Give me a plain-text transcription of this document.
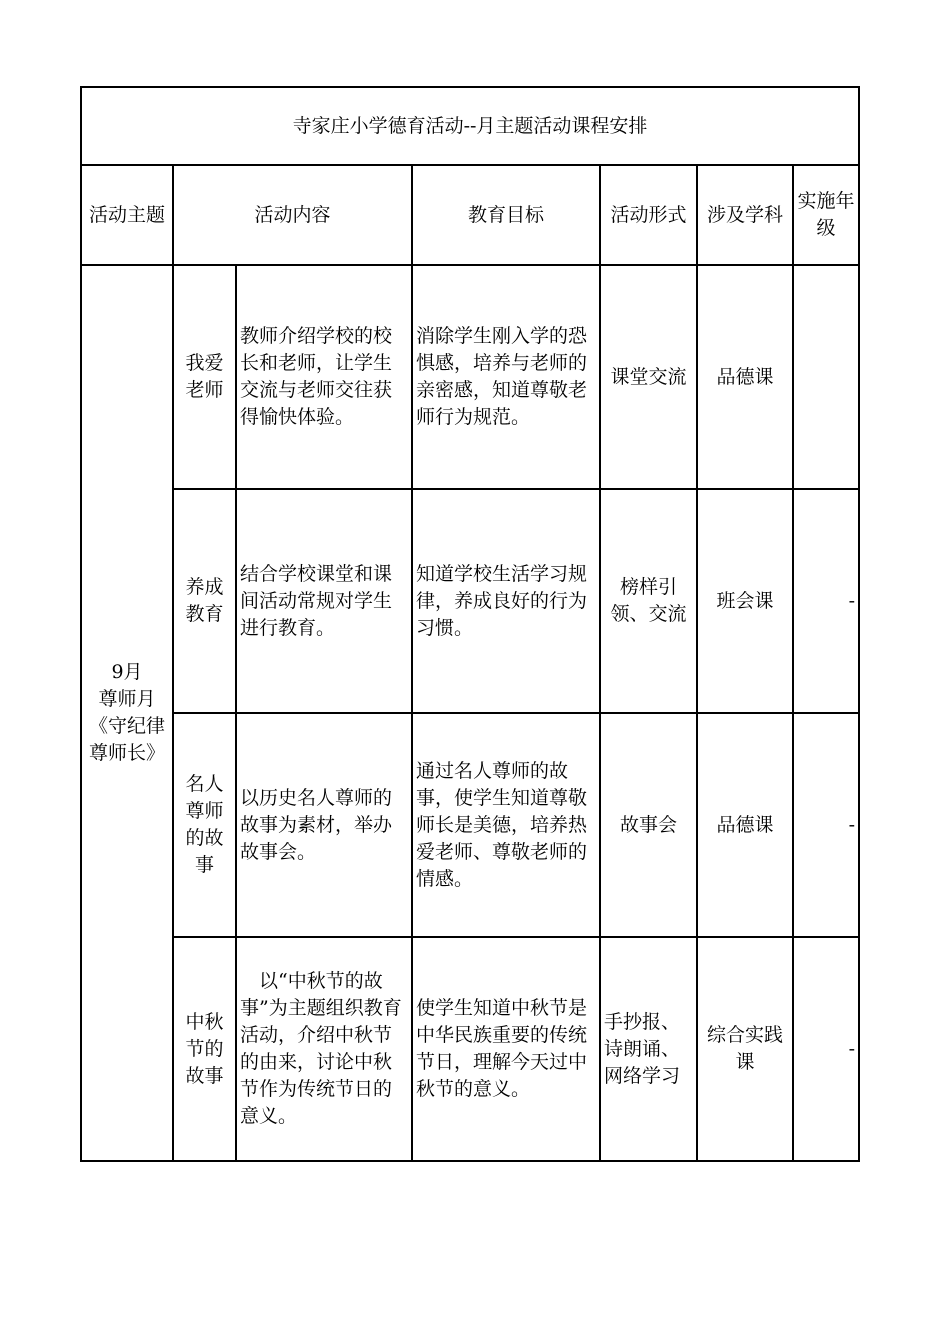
寺家庄小学德育活动--月主题活动课程安排						
活动主题	活动内容		教育目标	活动形式	涉及学科	实施年级
9月
尊师月
《守纪律 尊师长》	我爱老师	教师介绍学校的校长和老师，让学生交流与老师交往获得愉快体验。	消除学生刚入学的恐惧感，培养与老师的亲密感，知道尊敬老师行为规范。	课堂交流	品德课	
	养成教育	结合学校课堂和课间活动常规对学生进行教育。	知道学校生活学习规律，养成良好的行为习惯。	榜样引领、交流	班会课	-
	名人尊师的故事	以历史名人尊师的故事为素材，举办故事会。	通过名人尊师的故事，使学生知道尊敬师长是美德，培养热爱老师、尊敬老师的情感。	故事会	品德课	-
	中秋节的故事	以“中秋节的故事”为主题组织教育活动，介绍中秋节的由来，讨论中秋节作为传统节日的意义。	使学生知道中秋节是中华民族重要的传统节日，理解今天过中秋节的意义。	手抄报、诗朗诵、网络学习	综合实践课	-
